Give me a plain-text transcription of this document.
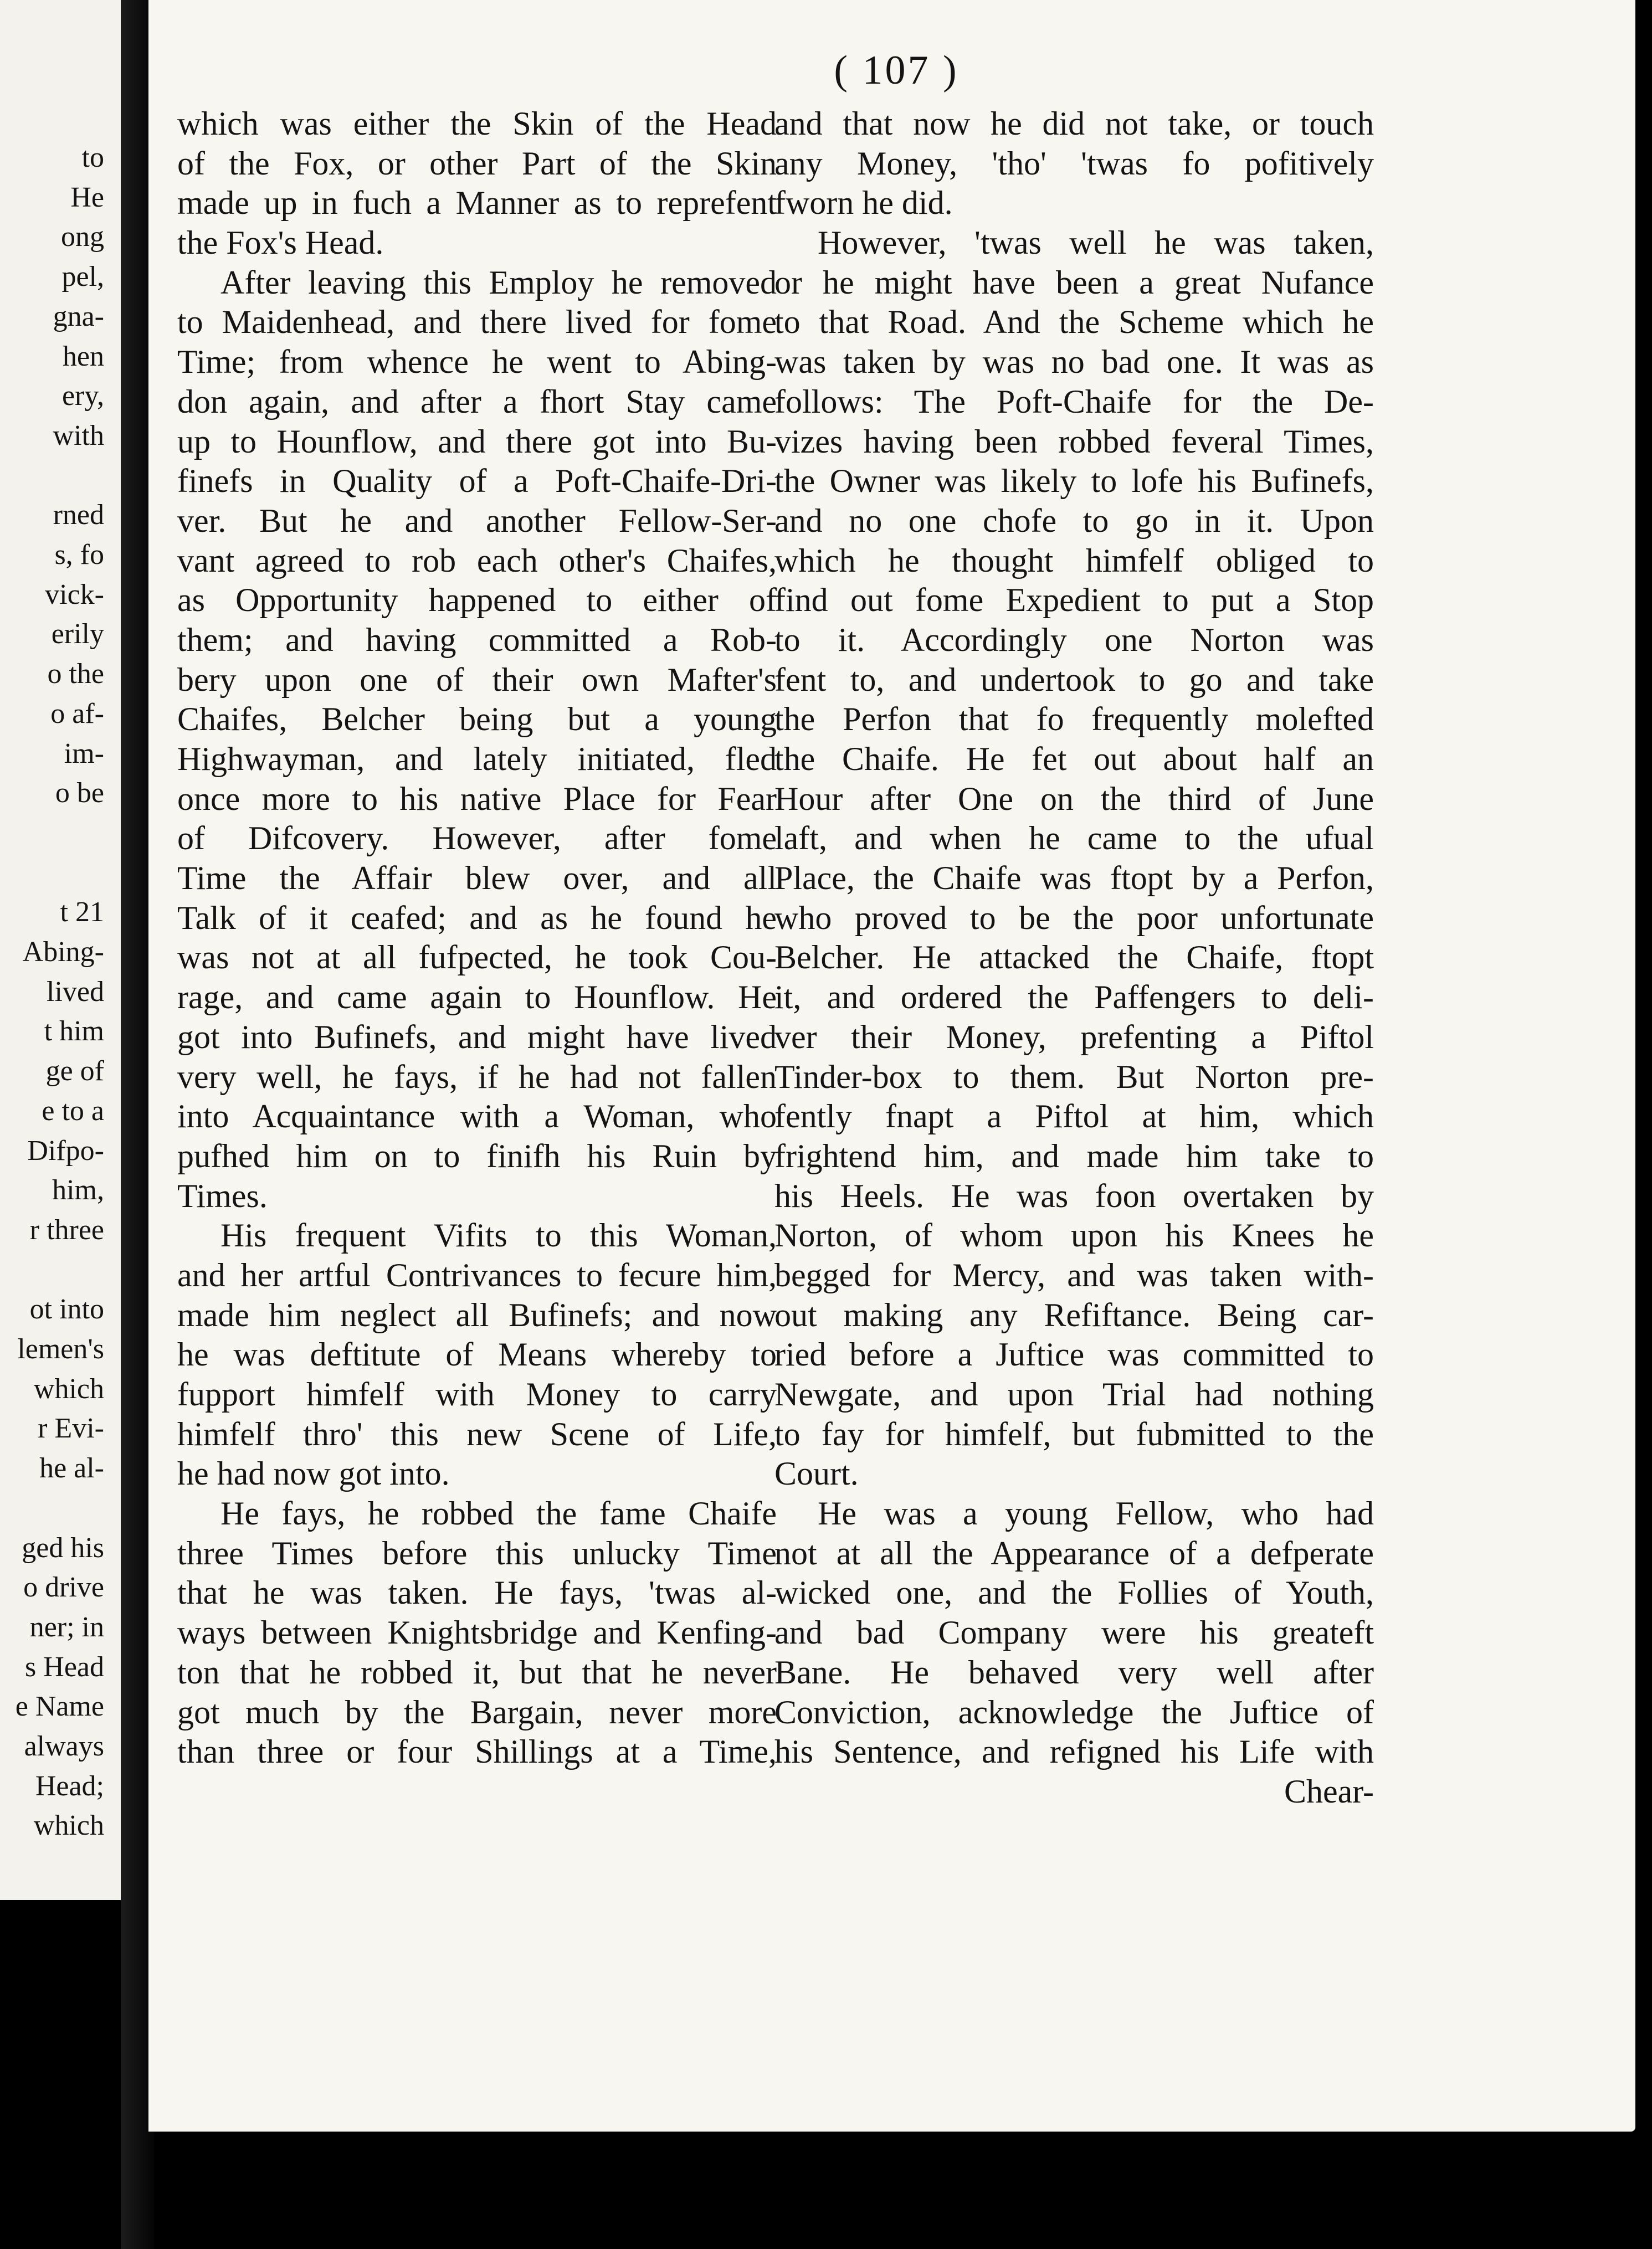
to
He
ong
pel,
gna-
hen
ery,
with
rned
s, fo
vick-
erily
o the
o af-
im-
o be
t 21
Abing-
lived
t him
ge of
e to a
Difpo-
him,
r three
ot into
lemen's
which
r Evi-
he al-
ged his
o drive
ner; in
s Head
e Name
always
Head;
which
( 107 )
which was either the Skin of the Head
of the Fox, or other Part of the Skin
made up in fuch a Manner as to reprefent
the Fox's Head.
After leaving this Employ he removed
to Maidenhead, and there lived for fome
Time; from whence he went to Abing-
don again, and after a fhort Stay came
up to Hounflow, and there got into Bu-
finefs in Quality of a Poft-Chaife-Dri-
ver. But he and another Fellow-Ser-
vant agreed to rob each other's Chaifes,
as Opportunity happened to either of
them; and having committed a Rob-
bery upon one of their own Mafter's
Chaifes, Belcher being but a young
Highwayman, and lately initiated, fled
once more to his native Place for Fear
of Difcovery. However, after fome
Time the Affair blew over, and all
Talk of it ceafed; and as he found he
was not at all fufpected, he took Cou-
rage, and came again to Hounflow. He
got into Bufinefs, and might have lived
very well, he fays, if he had not fallen
into Acquaintance with a Woman, who
pufhed him on to finifh his Ruin by
Times.
His frequent Vifits to this Woman,
and her artful Contrivances to fecure him,
made him neglect all Bufinefs; and now
he was deftitute of Means whereby to
fupport himfelf with Money to carry
himfelf thro' this new Scene of Life,
he had now got into.
He fays, he robbed the fame Chaife
three Times before this unlucky Time
that he was taken. He fays, 'twas al-
ways between Knightsbridge and Kenfing-
ton that he robbed it, but that he never
got much by the Bargain, never more
than three or four Shillings at a Time,
and that now he did not take, or touch
any Money, 'tho' 'twas fo pofitively
fworn he did.
However, 'twas well he was taken,
or he might have been a great Nufance
to that Road. And the Scheme which he
was taken by was no bad one. It was as
follows: The Poft-Chaife for the De-
vizes having been robbed feveral Times,
the Owner was likely to lofe his Bufinefs,
and no one chofe to go in it. Upon
which he thought himfelf obliged to
find out fome Expedient to put a Stop
to it. Accordingly one Norton was
fent to, and undertook to go and take
the Perfon that fo frequently molefted
the Chaife. He fet out about half an
Hour after One on the third of June
laft, and when he came to the ufual
Place, the Chaife was ftopt by a Perfon,
who proved to be the poor unfortunate
Belcher. He attacked the Chaife, ftopt
it, and ordered the Paffengers to deli-
ver their Money, prefenting a Piftol
Tinder-box to them. But Norton pre-
fently fnapt a Piftol at him, which
frightend him, and made him take to
his Heels. He was foon overtaken by
Norton, of whom upon his Knees he
begged for Mercy, and was taken with-
out making any Refiftance. Being car-
ried before a Juftice was committed to
Newgate, and upon Trial had nothing
to fay for himfelf, but fubmitted to the
Court.
He was a young Fellow, who had
not at all the Appearance of a defperate
wicked one, and the Follies of Youth,
and bad Company were his greateft
Bane. He behaved very well after
Conviction, acknowledge the Juftice of
his Sentence, and refigned his Life with
Chear-
